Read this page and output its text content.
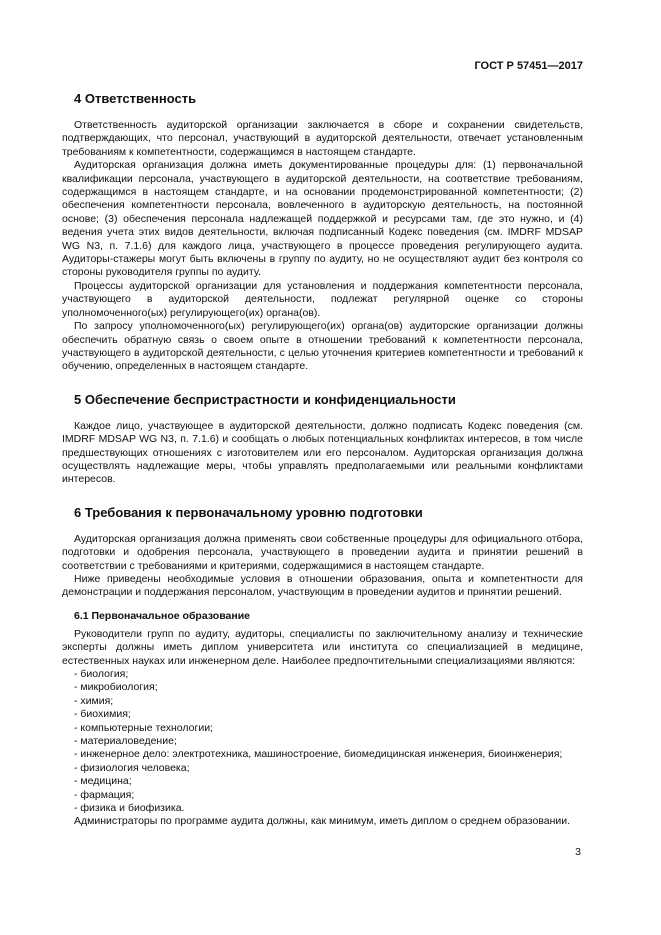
ГОСТ Р 57451—2017
4 Ответственность

Ответственность аудиторской организации заключается в сборе и сохранении свидетельств, подтверждающих, что персонал, участвующий в аудиторской деятельности, отвечает установленным требованиям к компетентности, содержащимся в настоящем стандарте.

Аудиторская организация должна иметь документированные процедуры для: (1) первоначальной квалификации персонала, участвующего в аудиторской деятельности, на соответствие требованиям, содержащимся в настоящем стандарте, и на основании продемонстрированной компетентности; (2) обеспечения компетентности персонала, вовлеченного в аудиторскую деятельность, на постоянной основе; (3) обеспечения персонала надлежащей поддержкой и ресурсами там, где это нужно, и (4) ведения учета этих видов деятельности, включая подписанный Кодекс поведения (см. IMDRF MDSAP WG N3, п. 7.1.6) для каждого лица, участвующего в процессе проведения регулирующего аудита. Аудиторы-стажеры могут быть включены в группу по аудиту, но не осуществляют аудит без контроля со стороны руководителя группы по аудиту.

Процессы аудиторской организации для установления и поддержания компетентности персонала, участвующего в аудиторской деятельности, подлежат регулярной оценке со стороны уполномоченного(ых) регулирующего(их) органа(ов).

По запросу уполномоченного(ых) регулирующего(их) органа(ов) аудиторские организации должны обеспечить обратную связь о своем опыте в отношении требований к компетентности персонала, участвующего в аудиторской деятельности, с целью уточнения критериев компетентности и требований к обучению, определенных в настоящем стандарте.

5 Обеспечение беспристрастности и конфиденциальности

Каждое лицо, участвующее в аудиторской деятельности, должно подписать Кодекс поведения (см. IMDRF MDSAP WG N3, п. 7.1.6) и сообщать о любых потенциальных конфликтах интересов, в том числе предшествующих отношениях с изготовителем или его персоналом. Аудиторская организация должна осуществлять надлежащие меры, чтобы управлять предполагаемыми или реальными конфликтами интересов.

6 Требования к первоначальному уровню подготовки

Аудиторская организация должна применять свои собственные процедуры для официального отбора, подготовки и одобрения персонала, участвующего в проведении аудита и принятии решений в соответствии с требованиями и критериями, содержащимися в настоящем стандарте.

Ниже приведены необходимые условия в отношении образования, опыта и компетентности для демонстрации и поддержания персоналом, участвующим в проведении аудитов и принятии решений.

6.1 Первоначальное образование

Руководители групп по аудиту, аудиторы, специалисты по заключительному анализу и технические эксперты должны иметь диплом университета или института со специализацией в медицине, естественных науках или инженерном деле. Наиболее предпочтительными специализациями являются:

- биология;
- микробиология;
- химия;
- биохимия;
- компьютерные технологии;
- материаловедение;
- инженерное дело: электротехника, машиностроение, биомедицинская инженерия, биоинженерия;
- физиология человека;
- медицина;
- фармация;
- физика и биофизика.

Администраторы по программе аудита должны, как минимум, иметь диплом о среднем образовании.

3
